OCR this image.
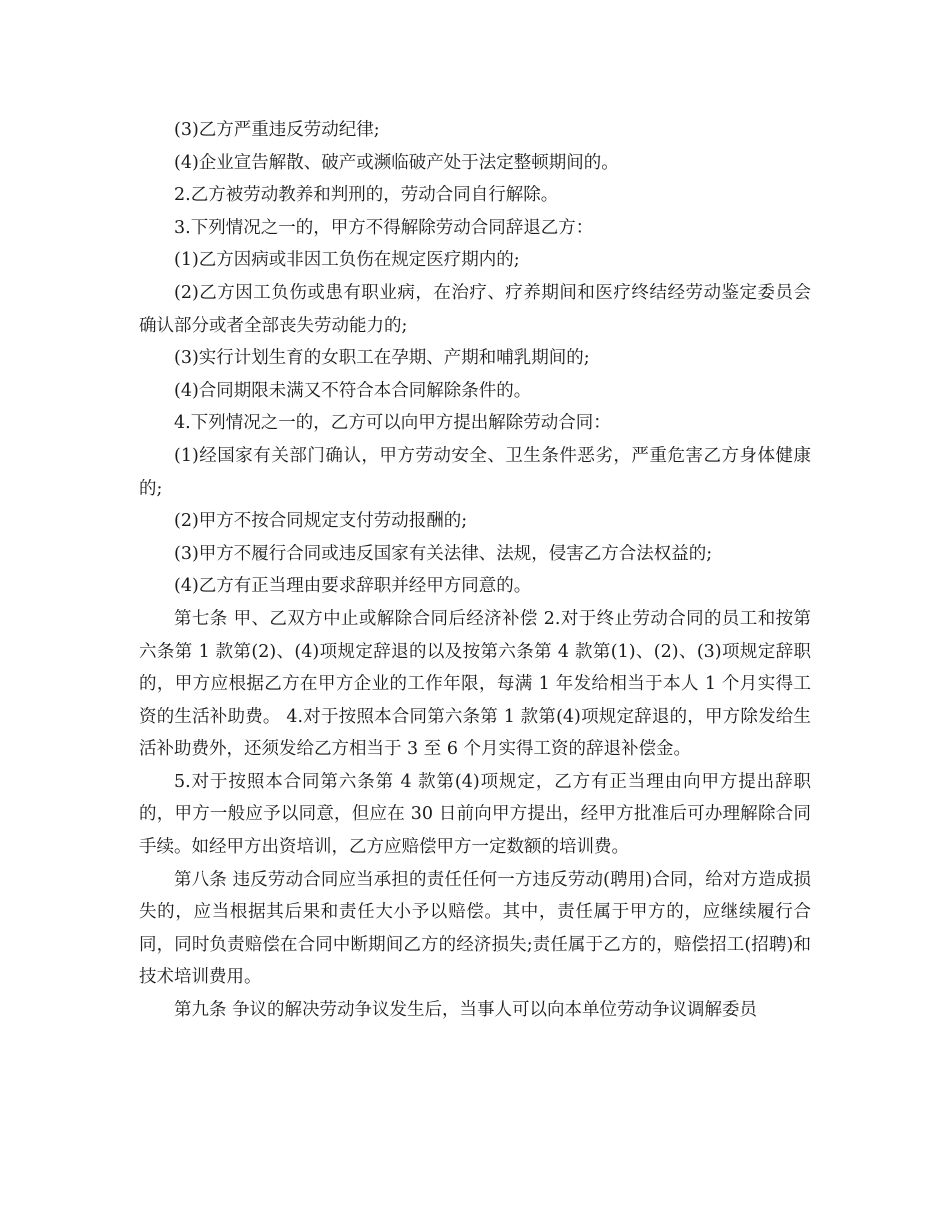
(3)乙方严重违反劳动纪律;

(4)企业宣告解散、破产或濒临破产处于法定整顿期间的。

2.乙方被劳动教养和判刑的，劳动合同自行解除。

3.下列情况之一的，甲方不得解除劳动合同辞退乙方：

(1)乙方因病或非因工负伤在规定医疗期内的;

(2)乙方因工负伤或患有职业病，在治疗、疗养期间和医疗终结经劳动鉴定委员会确认部分或者全部丧失劳动能力的;

(3)实行计划生育的女职工在孕期、产期和哺乳期间的;

(4)合同期限未满又不符合本合同解除条件的。

4.下列情况之一的，乙方可以向甲方提出解除劳动合同：

(1)经国家有关部门确认，甲方劳动安全、卫生条件恶劣，严重危害乙方身体健康的;

(2)甲方不按合同规定支付劳动报酬的;

(3)甲方不履行合同或违反国家有关法律、法规，侵害乙方合法权益的;

(4)乙方有正当理由要求辞职并经甲方同意的。

第七条 甲、乙双方中止或解除合同后经济补偿 2.对于终止劳动合同的员工和按第六条第 1 款第(2)、(4)项规定辞退的以及按第六条第 4 款第(1)、(2)、(3)项规定辞职的，甲方应根据乙方在甲方企业的工作年限，每满 1 年发给相当于本人 1 个月实得工资的生活补助费。 4.对于按照本合同第六条第 1 款第(4)项规定辞退的，甲方除发给生活补助费外，还须发给乙方相当于 3 至 6 个月实得工资的辞退补偿金。

5.对于按照本合同第六条第 4 款第(4)项规定，乙方有正当理由向甲方提出辞职的，甲方一般应予以同意，但应在 30 日前向甲方提出，经甲方批准后可办理解除合同手续。如经甲方出资培训，乙方应赔偿甲方一定数额的培训费。

第八条 违反劳动合同应当承担的责任任何一方违反劳动(聘用)合同，给对方造成损失的，应当根据其后果和责任大小予以赔偿。其中，责任属于甲方的，应继续履行合同，同时负责赔偿在合同中断期间乙方的经济损失;责任属于乙方的，赔偿招工(招聘)和技术培训费用。

第九条 争议的解决劳动争议发生后，当事人可以向本单位劳动争议调解委员
